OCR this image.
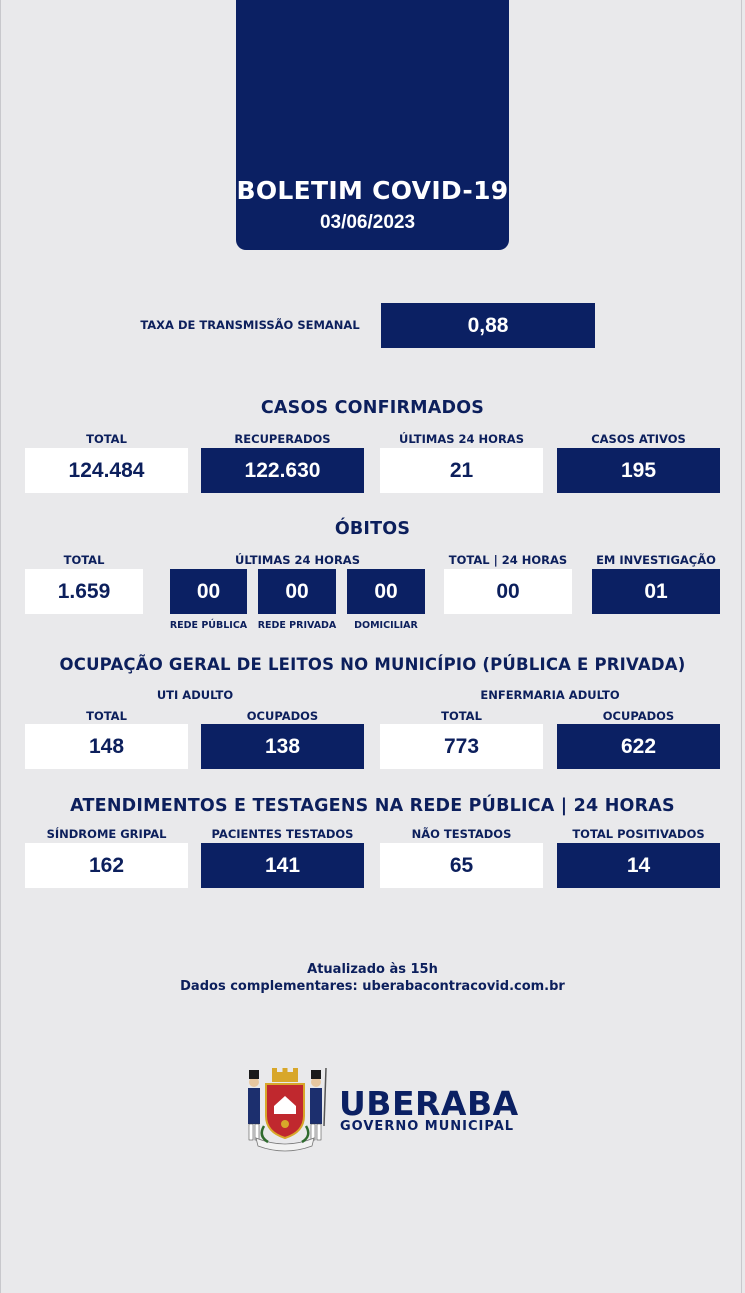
BOLETIM COVID-19
03/06/2023
TAXA DE TRANSMISSÃO SEMANAL	0,88
CASOS CONFIRMADOS
TOTAL	RECUPERADOS	ÚLTIMAS 24 HORAS	CASOS ATIVOS
124.484	122.630	21	195
ÓBITOS
TOTAL	ÚLTIMAS 24 HORAS	TOTAL | 24 HORAS	EM INVESTIGAÇÃO
1.659	00	00	00	00	01
REDE PÚBLICA	REDE PRIVADA	DOMICILIAR
OCUPAÇÃO GERAL DE LEITOS NO MUNICÍPIO (PÚBLICA E PRIVADA)
UTI ADULTO	ENFERMARIA ADULTO
TOTAL	OCUPADOS	TOTAL	OCUPADOS
148	138	773	622
ATENDIMENTOS E TESTAGENS NA REDE PÚBLICA | 24 HORAS
SÍNDROME GRIPAL	PACIENTES TESTADOS	NÃO TESTADOS	TOTAL POSITIVADOS
162	141	65	14
Atualizado às 15h
Dados complementares: uberabacontracovid.com.br
UBERABA
GOVERNO MUNICIPAL
